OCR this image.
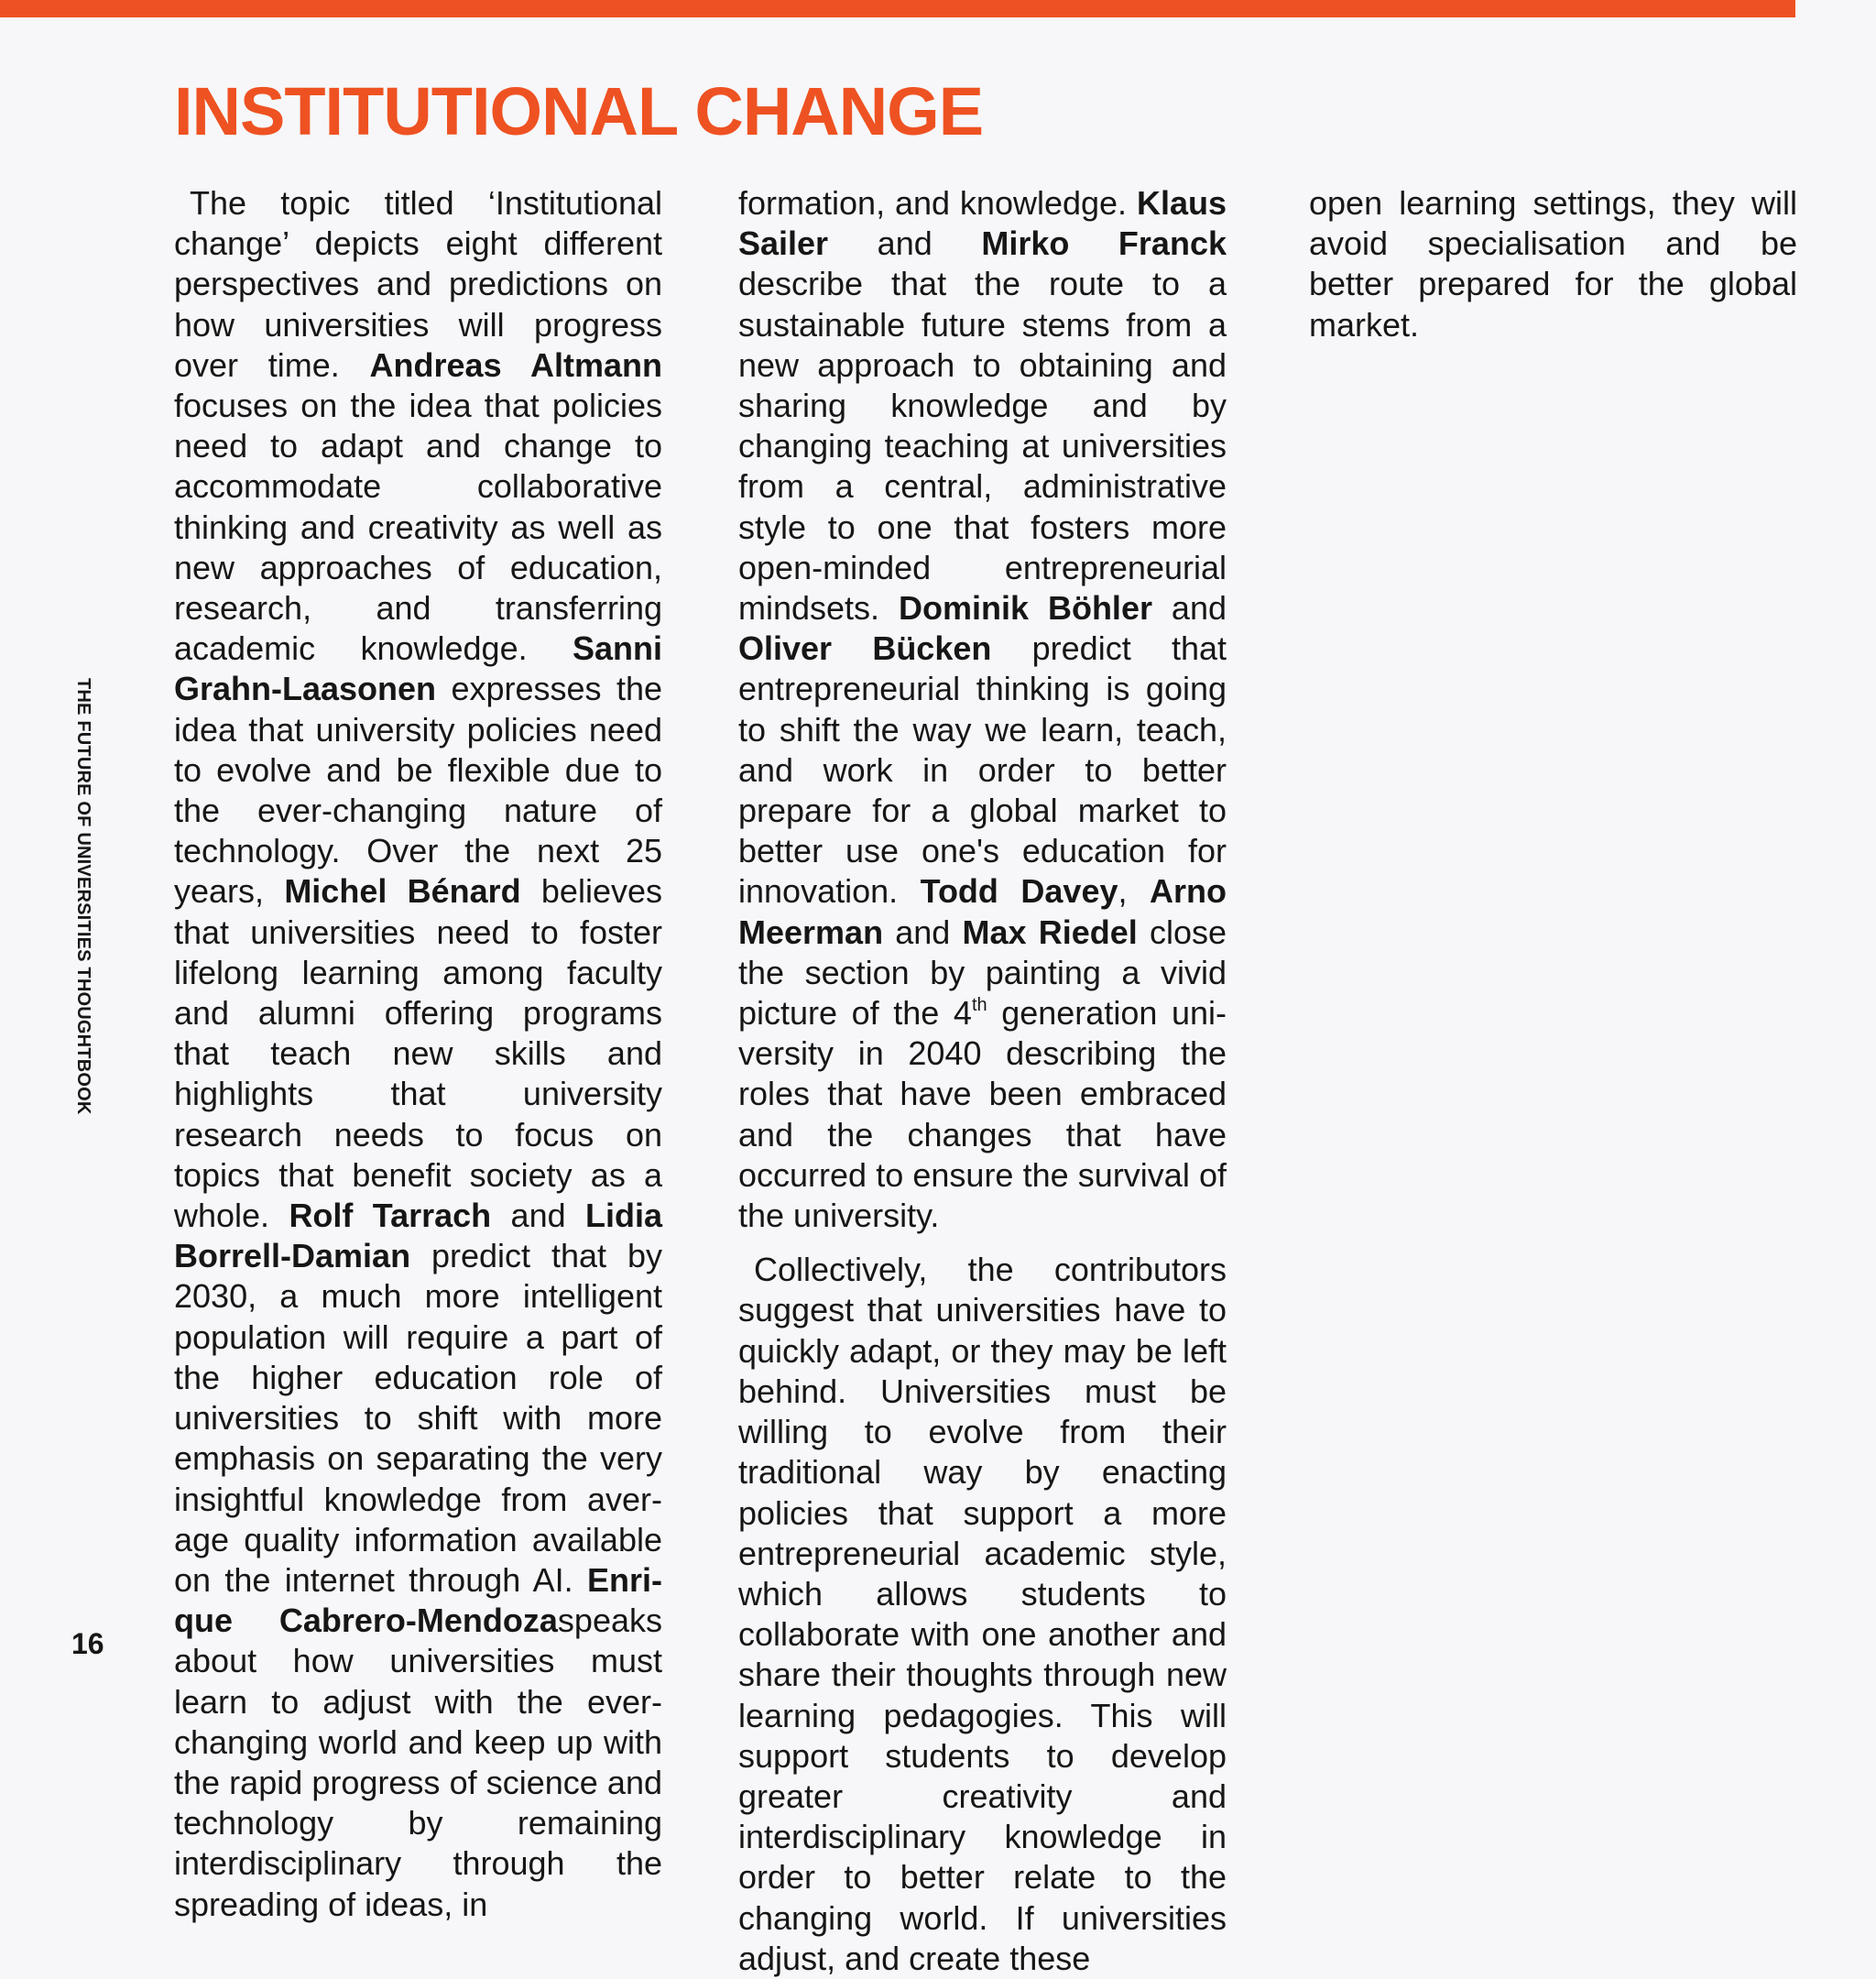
INSTITUTIONAL CHANGE
THE FUTURE OF UNIVERSITIES THOUGHTBOOK
16

The topic titled ‘Institutional change’ depicts eight different perspectives and predictions on how universities will progress over time. Andreas Altmann focuses on the idea that policies need to adapt and change to accommodate collaborative thinking and creativity as well as new approaches of education, research, and transferring academic knowledge. Sanni Grahn-Laasonen expresses the idea that university policies need to evolve and be flexible due to the ever-changing nature of technology. Over the next 25 years, Michel Bénard believes that universities need to foster lifelong learning among faculty and alumni offering programs that teach new skills and highlights that university research needs to focus on topics that benefit society as a whole. Rolf Tarrach and Lidia Borrell-Damian predict that by 2030, a much more intelligent population will require a part of the higher education role of universities to shift with more emphasis on separating the very insightful knowledge from average quality information available on the internet through AI. Enrique Cabrero-Mendozaspeaks about how universities must learn to adjust with the ever-changing world and keep up with the rapid progress of science and technology by remaining interdisciplinary through the spreading of ideas, in

formation, and knowledge. Klaus Sailer and Mirko Franck describe that the route to a sustainable future stems from a new approach to obtaining and sharing knowledge and by changing teaching at universities from a central, administrative style to one that fosters more open-minded entrepreneurial mindsets. Dominik Böhler and Oliver Bücken predict that entrepreneurial thinking is going to shift the way we learn, teach, and work in order to better prepare for a global market to better use one's education for innovation. Todd Davey, Arno Meerman and Max Riedel close the section by painting a vivid picture of the 4th generation university in 2040 describing the roles that have been embraced and the changes that have occurred to ensure the survival of the university.

Collectively, the contributors suggest that universities have to quickly adapt, or they may be left behind. Universities must be willing to evolve from their traditional way by enacting policies that support a more entrepreneurial academic style, which allows students to collaborate with one another and share their thoughts through new learning pedagogies. This will support students to develop greater creativity and interdisciplinary knowledge in order to better relate to the changing world. If universities adjust, and create these

open learning settings, they will avoid specialisation and be better prepared for the global market.
